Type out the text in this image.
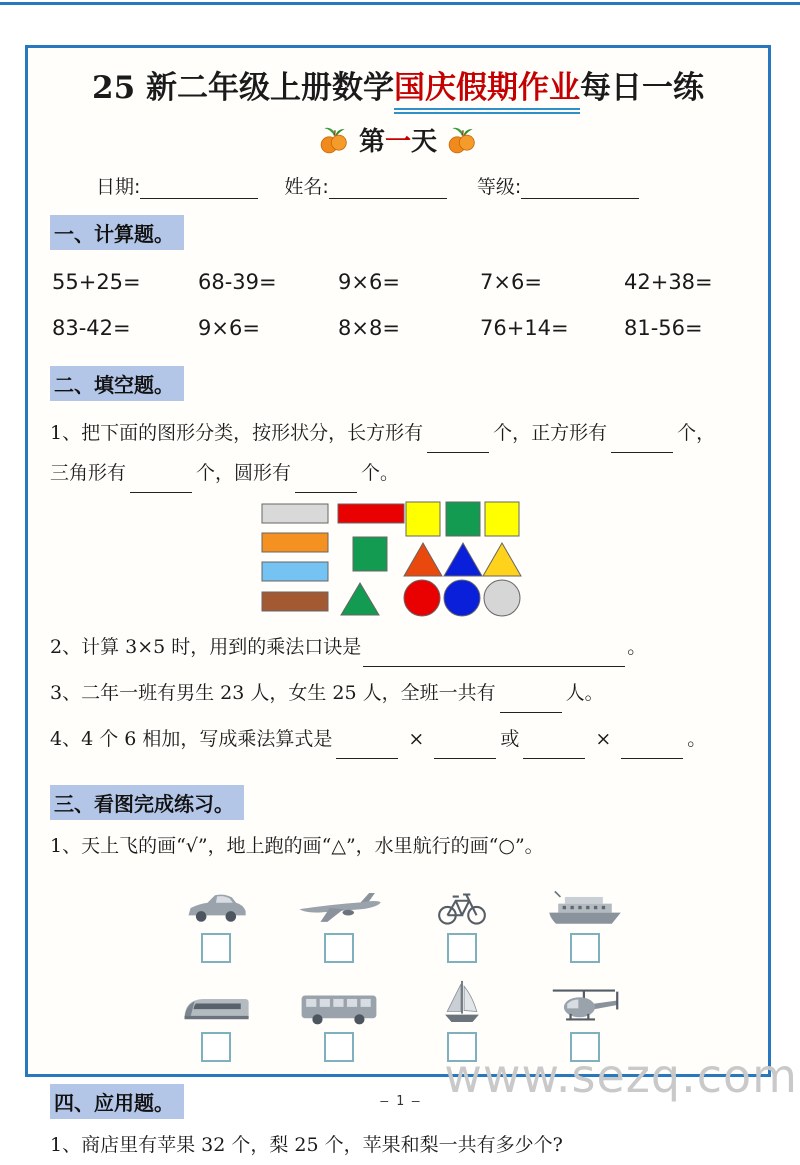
25 新二年级上册数学国庆假期作业每日一练
第一天
日期:	姓名:	等级:
一、计算题。
55+25=	68-39=	9×6=	7×6=	42+38=
83-42=	9×6=	8×8=	76+14=	81-56=
二、填空题。
1、把下面的图形分类，按形状分，长方形有	个，正方形有	个，
三角形有	个，圆形有	个。
2、计算 3×5 时，用到的乘法口诀是	。
3、二年一班有男生 23 人，女生 25 人，全班一共有	人。
4、4 个 6 相加，写成乘法算式是	×	或	×	。
三、看图完成练习。
1、天上飞的画“√”，地上跑的画“△”，水里航行的画“○”。
四、应用题。
1、商店里有苹果 32 个，梨 25 个，苹果和梨一共有多少个?
— 1 — www.sezq.com
